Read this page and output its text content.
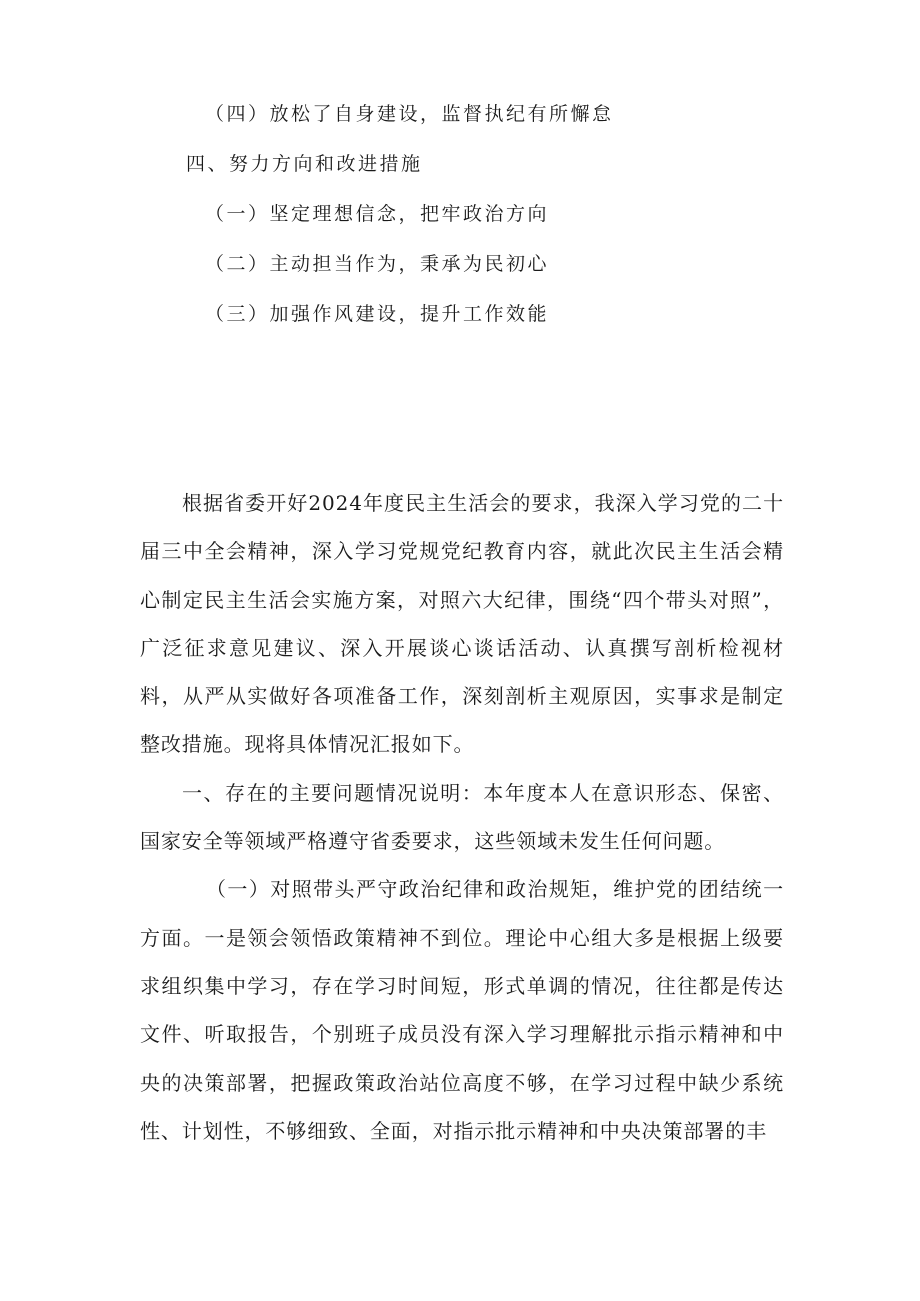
（四）放松了自身建设，监督执纪有所懈怠
四、努力方向和改进措施
（一）坚定理想信念，把牢政治方向
（二）主动担当作为，秉承为民初心
（三）加强作风建设，提升工作效能

根据省委开好2024年度民主生活会的要求，我深入学习党的二十届三中全会精神，深入学习党规党纪教育内容，就此次民主生活会精心制定民主生活会实施方案，对照六大纪律，围绕“四个带头对照”，广泛征求意见建议、深入开展谈心谈话活动、认真撰写剖析检视材料，从严从实做好各项准备工作，深刻剖析主观原因，实事求是制定整改措施。现将具体情况汇报如下。

一、存在的主要问题情况说明：本年度本人在意识形态、保密、国家安全等领域严格遵守省委要求，这些领域未发生任何问题。

（一）对照带头严守政治纪律和政治规矩，维护党的团结统一方面。一是领会领悟政策精神不到位。理论中心组大多是根据上级要求组织集中学习，存在学习时间短，形式单调的情况，往往都是传达文件、听取报告，个别班子成员没有深入学习理解批示指示精神和中央的决策部署，把握政策政治站位高度不够，在学习过程中缺少系统性、计划性，不够细致、全面，对指示批示精神和中央决策部署的丰
